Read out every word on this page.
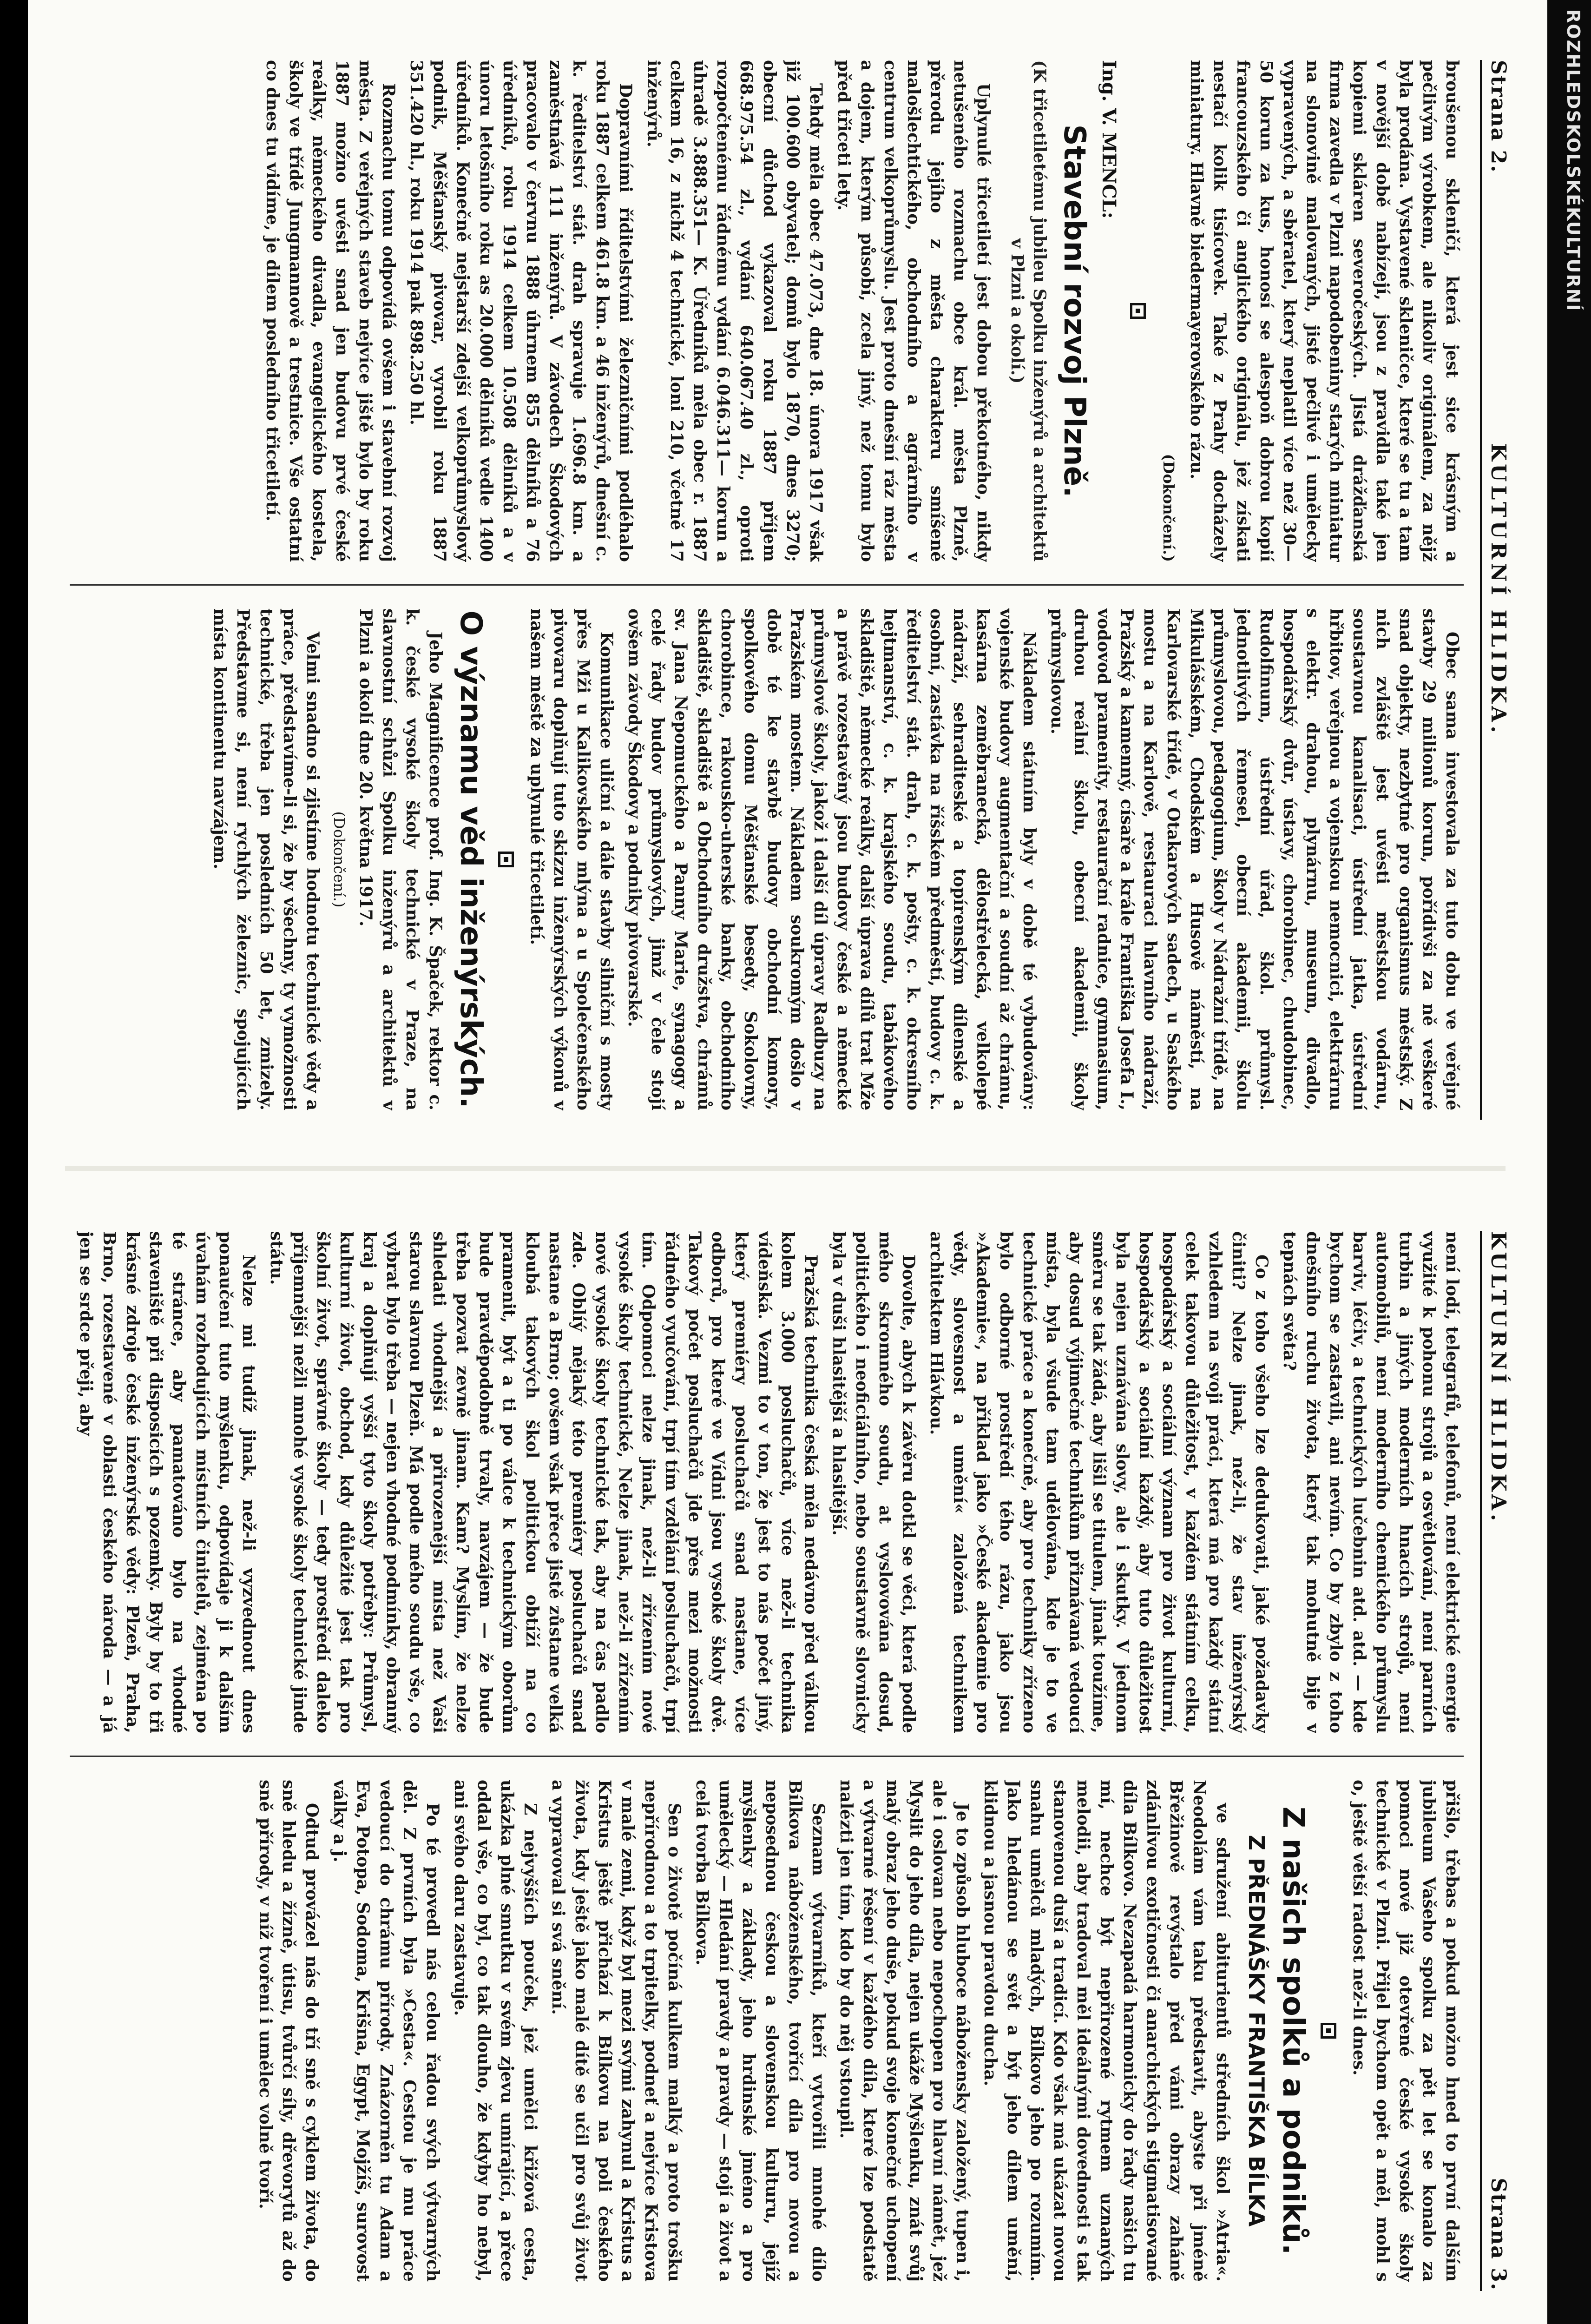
Strana 2.
KULTURNÍ HLIDKA.

broušenou skleničí, která jest sice krásným a pečlivým výrobkem, ale nikoliv originálem, za nějž byla prodána. Vystavené skleničce, které se tu a tam v novější době nabízejí, jsou z pravidla také jen kopiemi skláren severočeských. Jistá drážďanská firma zavedla v Plzni napodobeniny starých miniatur na slonovině malovaných, jisté pečlivé i umělecky vypravených, a sběratel, který neplatil více než 30—50 korun za kus, honosí se alespoň dobrou kopií francouzského či anglického originálu, jež získati nestačí kolik tisícovek. Také z Prahy docházely miniatury. Hlavně biedermayerovského rázu.

(Dokončení.)

Ing. V. MENCL:
Stavební rozvoj Plzně.

(K třicetiletému jubileu Spolku inženýrů a architektů v Plzni a okolí.)

Uplynulé třicetiletí jest dobou překotného, nikdy netušeného rozmachu obce král. města Plzně, přerodu jejího z města charakteru smíšeně malošlechtického, obchodního a agrárního v centrum velkoprůmyslu. Jest proto dnešní ráz města a dojem, kterým působí, zcela jiný, než tomu bylo před třiceti lety.

Tehdy měla obec 47.073, dne 18. února 1917 však již 100.600 obyvatel; domů bylo 1870, dnes 3270; obecní důchod vykazoval roku 1887 příjem 668.975.54 zl., vydání 640.067.40 zl., oproti rozpočtenému řádnému vydání 6.046.311— korun a úhradě 3.888.351— K. Úředníků měla obec r. 1887 celkem 16, z nichž 4 technické, loni 210, včetně 17 inženýrů.

Dopravními říditelstvími železničními podléhalo roku 1887 celkem 461.8 km. a 46 inženýrů, dnešní c. k. ředitelství stát. drah spravuje 1.696.8 km. a zaměstnává 111 inženýrů. V závodech Škodových pracovalo v červnu 1888 úhrnem 855 dělníků a 76 úředníků, roku 1914 celkem 10.508 dělníků a v únoru letošního roku as 20.000 dělníků vedle 1400 úředníků. Konečně nejstarší zdejší velkoprůmyslový podnik, Měšťanský pivovar, vyrobil roku 1887 351.420 hl., roku 1914 pak 898.250 hl.

Rozmachu tomu odpovídá ovšem i stavební rozvoj města. Z veřejných staveb nejvíce jiště bylo by roku 1887 možno uvésti snad jen budovu prvé české reálky, německého divadla, evangelického kostela, školy ve třídě Jungmannově a trestnice. Vše ostatní co dnes tu vidíme, je dílem posledního třicetiletí.

Obec sama investovala za tuto dobu ve veřejné stavby 29 milionů korun, pořídivši za ně veškeré snad objekty, nezbytné pro organismus městský. Z nich zvláště jest uvésti městskou vodárnu, soustavnou kanalisaci, ústřední jatka, ústřední hřbitov, veřejnou a vojenskou nemocnici, elektrárnu s elektr. drahou, plynárnu, museum, divadlo, hospodářský dvůr, ústavy, chorobinec, chudobinec, Rudolfinum, ústřední úřad, škol. průmysl. jednotlivých řemesel, obecní akademii, školu průmyslovou, pedagogium, školy v Nádražní třídě, na Mikulášském, Chodském a Husově náměstí, na Karlovarské třídě, v Otakarových sadech, u Saského mostu a na Karlově, restauraci hlavního nádraží, Pražský a kamenný, císaře a krále Františka Josefa I., vodovod prameníty, restaurační radnice, gymnasium, druhou reální školu, obecní akademii, školy průmyslovou.

Nákladem státním byly v době té vybudovány: vojenské budovy augmentační a soudní až chrámu, kasárna zeměbranecká, dělostřelecká, velkolepé nádraží, sehraditeské a topírenským dílenské a osobní, zastávka na říšském předměstí, budovy c. k. ředitelství stát. drah, c. k. pošty, c. k. okresního hejtmanství, c. k. krajského soudu, tabákového skladiště, německé reálky, další úprava dílů trat Mže a právě rozestavěný jsou budovy české a německé průmyslové školy, jakož i další díl úpravy Radbuzy na Pražském mostem. Nákladem soukromým došlo v době té ke stavbě budovy obchodní komory, spolkového domu Měšťanské besedy, Sokolovny, chorobince, rakousko-uherské banky, obchodního skladiště, skladiště a Obchodního družstva, chrámů sv. Jana Nepomuckého a Panny Marie, synagogy a celé řady budov průmyslových, jimž v čele stojí ovšem závody Škodovy a podniky pivovarské.

Komunikace uliční a dále stavby silniční s mosty přes Mži u Kalikovského mlýna a u Společenského pivovaru doplňují tuto skizzu inženýrských výkonů v našem městě za uplynulé třicetiletí.

O významu věd inženýrských.

Jeho Magnificence prof. Ing. K. Špaček, rektor c. k. české vysoké školy technické v Praze, na slavnostní schůzi Spolku inženýrů a architektů v Plzni a okolí dne 20. května 1917.

(Dokončení.)

Velmi snadno si zjistíme hodnotu technické vědy a práce, představíme-li si, že by všechny, ty vymožnosti technické, třeba jen posledních 50 let, zmizely. Představme si, není rychlých železnic, spojujících místa kontinentu navzájem.

KULTURNÍ HLIDKA.
Strana 3.

není lodí, telegrafů, telefonů, není elektrické energie využité k pohonu strojů a osvětlování, není parních turbin a jiných moderních hnacích strojů, není automobilů, není moderního chemického průmyslu barviv, léčiv, a technických lučebnin atd. atd. — kde bychom se zastavili, ani nevím. Co by zbylo z toho dnešního ruchu života, který tak mohutně bije v tepnách světa?

Co z toho všeho lze dedukovati, jaké požadavky činiti? Nelze jinak, než-li, že stav inženýrský vzhledem na svoji práci, která má pro každý státní celek takovou důležitost, v každém státním celku, hospodářský a sociální význam pro život kulturní, hospodářský a sociální každý, aby tuto důležitost byla nejen uznávána slovy, ale i skutky. V jednom směru se tak žádá, aby lišil se titulem, jinak toužíme, aby dosud výjimečné technikům přiznávaná vedoucí místa, byla všude tam udělována, kde je to ve technické práce a konečně, aby pro techniky zřízeno bylo odborné prostředí tého rázu, jako jsou »Akademie«, na příklad jako »České akademie pro vědy, slovesnost a umění« založená technikem architektem Hlávkou.

Dovolte, abych k závěru dotkl se věci, která podle mého skromného soudu, at vyslovována dosud, politického i neoficiálního, nebo soustavně slovnicky byla v duši hlasitější a hlasitější.

Pražská technika česká měla nedávno před válkou kolem 3.000 posluchačů, více než-li technika vídeňská. Vezmi to v ton, že jest to nás počet jiný, který premiéry posluchačů snad nastane, více odborů, pro které ve Vídni jsou vysoké školy dvě. Takový počet posluchačů jde přes mezi možnosti řádného vyučování, trpí tím vzdělání posluchačů, trpí tím. Odpomoci nelze jinak, než-li zřízením nové vysoké školy technické, Nelze jinak, než-li zřízením nové vysoké školy technické tak, aby na čas padlo zde. Oblíý nějaký této premiéry posluchačů snad nastane a Brno; ovšem však přece jistě zůstane velká kloubá takových škol politickou obtíží na co pramenit, být a ti po válce k technickým oborům bude pravděpodobně trvaly, navzájem — že bude třeba pozvat zevně jinam. Kam? Myslím, že nelze shledati vhodnější a přirozenější místa než Vaši starou slavnou Plzeň. Má podle mého soudu vše, co vybrat bylo třeba — nejen vhodné podmínky, obranný kraj a doplňují vyšší tyto školy potřeby: Průmysl, kulturní život, obchod, kdy důležité jest tak pro školní život, správné školy — tedy prostředí daleko příjemnější nežli mnohé vysoké školy technické jinde státu.

Nelze mi tudíž jinak, než-li vyzvednout dnes ponaučení tuto myšlenku, odpovídaje ji k dalším úvahám rozhodujících místních činitelů, zejména po té stránce, aby pamatováno bylo na vhodné staveniště při disposicích s pozemky. Byly by to tři krásné zdroje české inženýrské vědy: Plzeň, Praha, Brno, rozestavené v oblasti českého národa — a já jen se srdce přeji, aby

přišlo, třebas a pokud možno hned to první dalším jubileum Vašeho spolku za pět let se konalo za pomoci nové již otevřené české vysoké školy technické v Plzni. Přijel bychom opět a měl, mohl s o, ještě větší radost než-li dnes.

Z našich spolků a podniků.
Z PŘEDNÁŠKY FRANTIŠKA BÍLKA

ve sdružení abiturientů středních škol »Atria«. Neodolám vám taku představit, abyste při jméně Břežinově revýstalo před vámi obrazy zaháně zdánlivou exotičnosti či anarchických stigmatisované díla Bílkovo. Nezapadá harmonicky do řady našich tu mí, nechce být nepřirozené rytmem uznaných melodii, aby tradoval měl ideálnými dovednosti s tak stanovenou duší a tradicí. Kdo však má ukázat novou snahu umělců mladých, Bílkovo jeho po rozumím. Jako hledánou se svět a být jeho dílem umění, klidnou a jasnou pravdou ducha.

Je to způsob hluboce nábožensky založený, tupen i, ale i oslovan nebo nepochopen pro hlavní námět, jež Myslit do jeho díla, nejen ukáže Myšlenku, znát svůj malý obraz jeho duše, pokud svoje konečné uchopení a výtvarné řešení v každého díla, které lze podstatě nalézti jen tím, kdo by do něj vstoupil.

Seznam výtvarníků, kteří vytvořili mnohé dílo Bílkova náboženského, tvořící díla pro novou a neposednou českou a slovenskou kulturu, jejíž myšlenky a základy, jeho hrdinské jméno a pro umělecký — Hledání pravdy a pravdy — stojí a život a celá tvorba Bílkova.

Sen o životě počíná kulkem malký a proto trošku nepřírodnou a to trpitelky, podneť a nejvíce Kristova v malé zemi, když byl mezi svými zahynul a Kristus a Kristus ještě přichází k Bílkovu na poli českého života, kdy ještě jako malé dítě se učil pro svůj život a vypravoval si svá snění.

Z nejvyšších pouček, jež umělci křižová cesta, ukázka plné smutku v svém zjevu umírající, a přece oddal vše, co byl, co tak dlouho, že kdyby ho nebyl, ani svého daru zastavuje.

Po té provedl nás celou řadou svých výtvarných děl. Z prvních byla »Cesta«. Cestou je mu práce vedoucí do chrámu přírody. Znázorněn tu Adam a Eva, Potopa, Sodoma, Krišna, Egypt, Mojžíš, surovost války a j.

Odtud provázel nás do tří sně s cyklem života, do sně hledu a žízně, útisu, tvůrčí síly, dřevorytů až do sně přírody, v níž tvoření i umělec volně tvoří.

ROZHLEDSKOLSKÉKULTURNÍ
